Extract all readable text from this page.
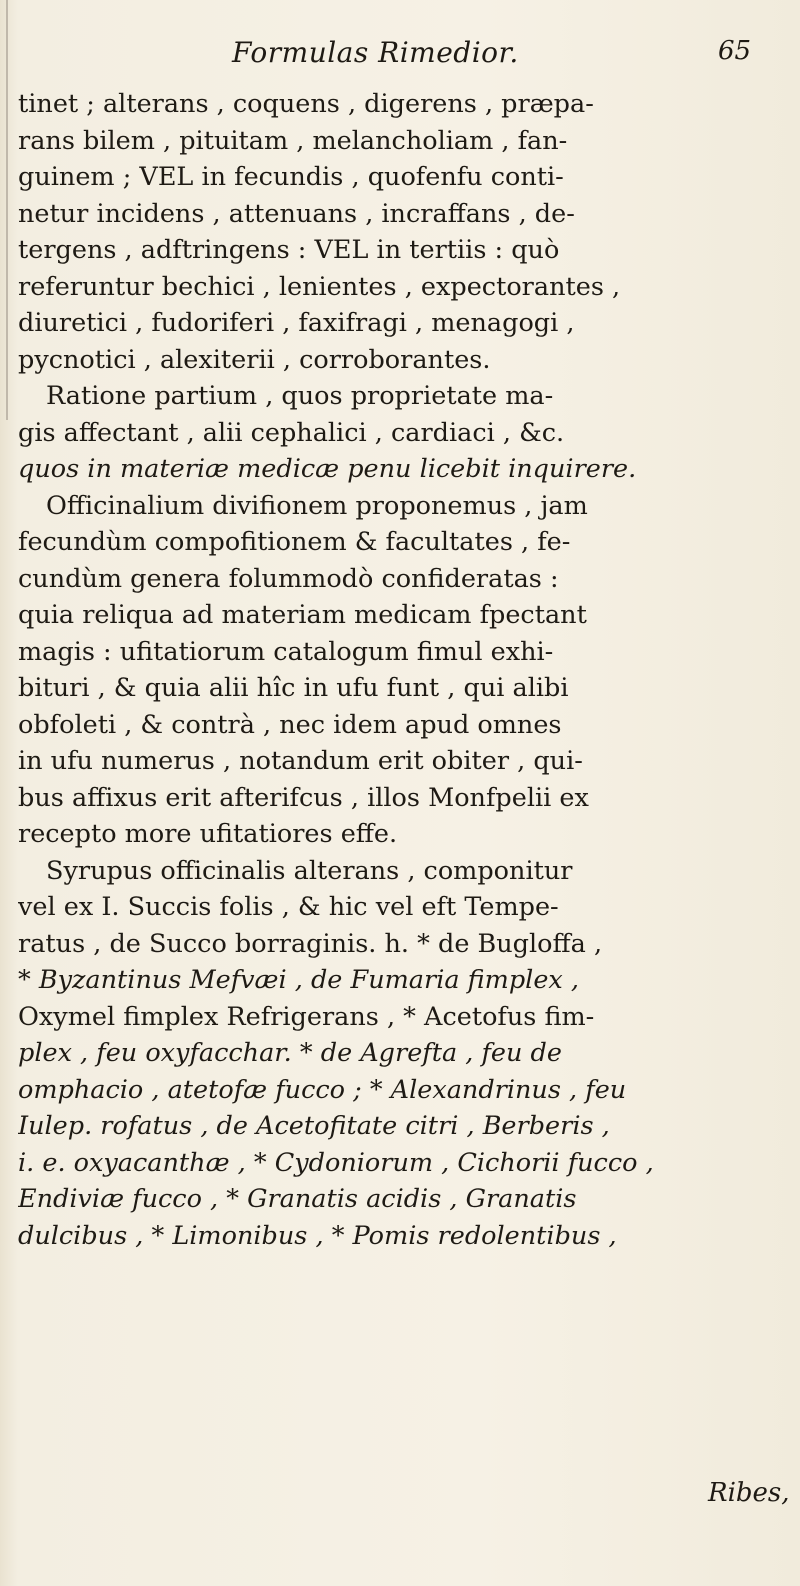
Formulas Rimedior.	65
tinet ; alterans , coquens , digerens , præpa-
rans bilem , pituitam , melancholiam , fan-
guinem ; VEL in fecundis , quofenfu conti-
netur incidens , attenuans , incraffans , de-
tergens , adftringens : VEL in tertiis : quò
referuntur bechici , lenientes , expectorantes ,
diuretici , fudoriferi , faxifragi , menagogi ,
pycnotici , alexiterii , corroborantes.
Ratione partium , quos proprietate ma-
gis affectant , alii cephalici , cardiaci , &c.
quos in materiæ medicæ penu licebit inquirere.
Officinalium divifionem proponemus , jam
fecundùm compofitionem & facultates , fe-
cundùm genera folummodò confideratas :
quia reliqua ad materiam medicam fpectant
magis : ufitatiorum catalogum fimul exhi-
bituri , & quia alii hîc in ufu funt , qui alibi
obfoleti , & contrà , nec idem apud omnes
in ufu numerus , notandum erit obiter , qui-
bus affixus erit afterifcus , illos Monfpelii ex
recepto more ufitatiores effe.
Syrupus officinalis alterans , componitur
vel ex I. Succis folis , & hic vel eft Tempe-
ratus , de Succo borraginis. h. * de Bugloffa ,
* Byzantinus Mefvæi , de Fumaria fimplex ,
Oxymel fimplex Refrigerans , * Acetofus fim-
plex , feu oxyfacchar. * de Agrefta , feu de
omphacio , atetofæ fucco ; * Alexandrinus , feu
Iulep. rofatus , de Acetofitate citri , Berberis ,
i. e. oxyacanthæ , * Cydoniorum , Cichorii fucco ,
Endiviæ fucco , * Granatis acidis , Granatis
dulcibus , * Limonibus , * Pomis redolentibus ,
Ribes,
